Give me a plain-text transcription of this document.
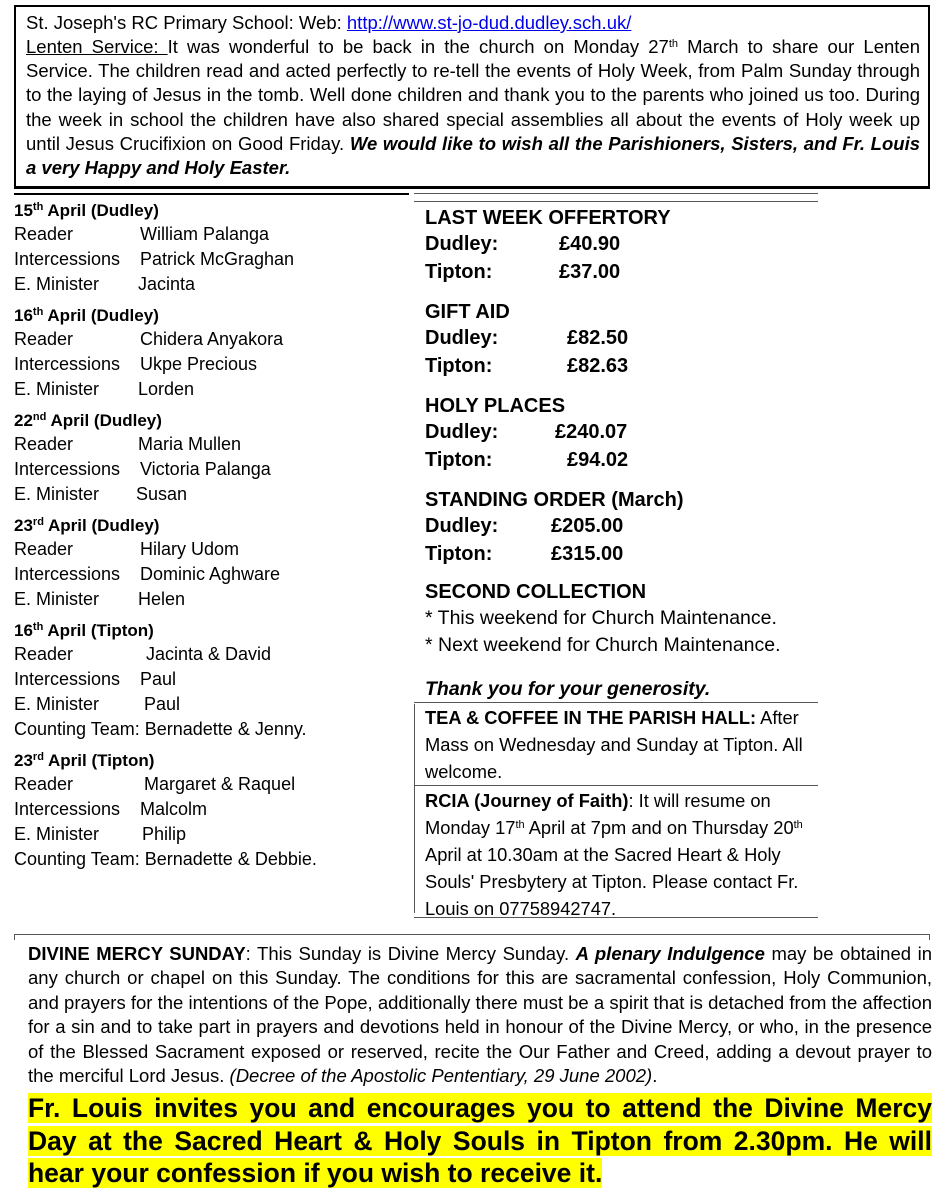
St. Joseph's RC Primary School: Web: http://www.st-jo-dud.dudley.sch.uk/
Lenten Service: It was wonderful to be back in the church on Monday 27th March to share our Lenten Service. The children read and acted perfectly to re-tell the events of Holy Week, from Palm Sunday through to the laying of Jesus in the tomb. Well done children and thank you to the parents who joined us too. During the week in school the children have also shared special assemblies all about the events of Holy week up until Jesus Crucifixion on Good Friday. We would like to wish all the Parishioners, Sisters, and Fr. Louis a very Happy and Holy Easter.
15th April (Dudley)
Reader	William Palanga
Intercessions Patrick McGraghan
E. Minister Jacinta
16th April (Dudley)
Reader	Chidera Anyakora
Intercessions Ukpe Precious
E. Minister Lorden
22nd April (Dudley)
Reader	Maria Mullen
Intercessions Victoria Palanga
E. Minister Susan
23rd April (Dudley)
Reader	Hilary Udom
Intercessions Dominic Aghware
E. Minister Helen
16th April (Tipton)
Reader	Jacinta & David
Intercessions Paul
E. Minister Paul
Counting Team: Bernadette & Jenny.
23rd April (Tipton)
Reader	Margaret & Raquel
Intercessions Malcolm
E. Minister Philip
Counting Team: Bernadette & Debbie.
LAST WEEK OFFERTORY
Dudley:	£40.90
Tipton:	£37.00
GIFT AID
Dudley:	£82.50
Tipton:	£82.63
HOLY PLACES
Dudley:	£240.07
Tipton:	£94.02
STANDING ORDER (March)
Dudley:	£205.00
Tipton:	£315.00
SECOND COLLECTION
* This weekend for Church Maintenance.
* Next weekend for Church Maintenance.
Thank you for your generosity.
TEA & COFFEE IN THE PARISH HALL: After Mass on Wednesday and Sunday at Tipton. All welcome.
RCIA (Journey of Faith): It will resume on Monday 17th April at 7pm and on Thursday 20th April at 10.30am at the Sacred Heart & Holy Souls' Presbytery at Tipton. Please contact Fr. Louis on 07758942747.
DIVINE MERCY SUNDAY: This Sunday is Divine Mercy Sunday. A plenary Indulgence may be obtained in any church or chapel on this Sunday. The conditions for this are sacramental confession, Holy Communion, and prayers for the intentions of the Pope, additionally there must be a spirit that is detached from the affection for a sin and to take part in prayers and devotions held in honour of the Divine Mercy, or who, in the presence of the Blessed Sacrament exposed or reserved, recite the Our Father and Creed, adding a devout prayer to the merciful Lord Jesus. (Decree of the Apostolic Pententiary, 29 June 2002).
Fr. Louis invites you and encourages you to attend the Divine Mercy Day at the Sacred Heart & Holy Souls in Tipton from 2.30pm. He will hear your confession if you wish to receive it.
